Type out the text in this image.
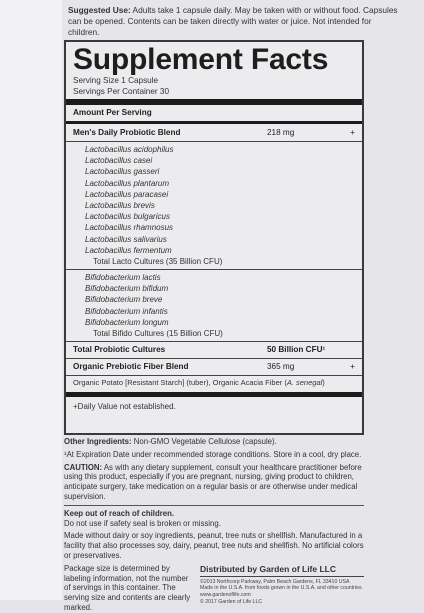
Suggested Use: Adults take 1 capsule daily. May be taken with or without food. Capsules can be opened. Contents can be taken directly with water or juice. Not intended for children.
Supplement Facts
Serving Size 1 Capsule
Servings Per Container 30
Amount Per Serving
Men's Daily Probiotic Blend	218 mg	+
Lactobacillus acidophilus
Lactobacillus casei
Lactobacillus gasseri
Lactobacillus plantarum
Lactobacillus paracasei
Lactobacillus brevis
Lactobacillus bulgaricus
Lactobacillus rhamnosus
Lactobacillus salivarius
Lactobacillus fermentum
Total Lacto Cultures (35 Billion CFU)
Bifidobacterium lactis
Bifidobacterium bifidum
Bifidobacterium breve
Bifidobacterium infantis
Bifidobacterium longum
Total Bifido Cultures (15 Billion CFU)
Total Probiotic Cultures	50 Billion CFU¹
Organic Prebiotic Fiber Blend	365 mg	+
Organic Potato [Resistant Starch] (tuber), Organic Acacia Fiber (A. senegal)
+Daily Value not established.

Other Ingredients: Non-GMO Vegetable Cellulose (capsule).

¹At Expiration Date under recommended storage conditions. Store in a cool, dry place.

CAUTION: As with any dietary supplement, consult your healthcare practitioner before using this product, especially if you are pregnant, nursing, giving product to children, anticipate surgery, take medication on a regular basis or are otherwise under medical supervision.

Keep out of reach of children.

Do not use if safety seal is broken or missing.

Made without dairy or soy ingredients, peanut, tree nuts or shellfish. Manufactured in a facility that also processes soy, dairy, peanut, tree nuts and shellfish. No artificial colors or preservatives.

Package size is determined by labeling information, not the number of servings in this container. The serving size and contents are clearly marked.
Distributed by Garden of Life LLC
©2013 Northcorp Parkway, Palm Beach Gardens, FL 33410 USA
Made in the U.S.A. from foods grown in the U.S.A. and other countries. www.gardenoflife.com
© 2017 Garden of Life LLC
